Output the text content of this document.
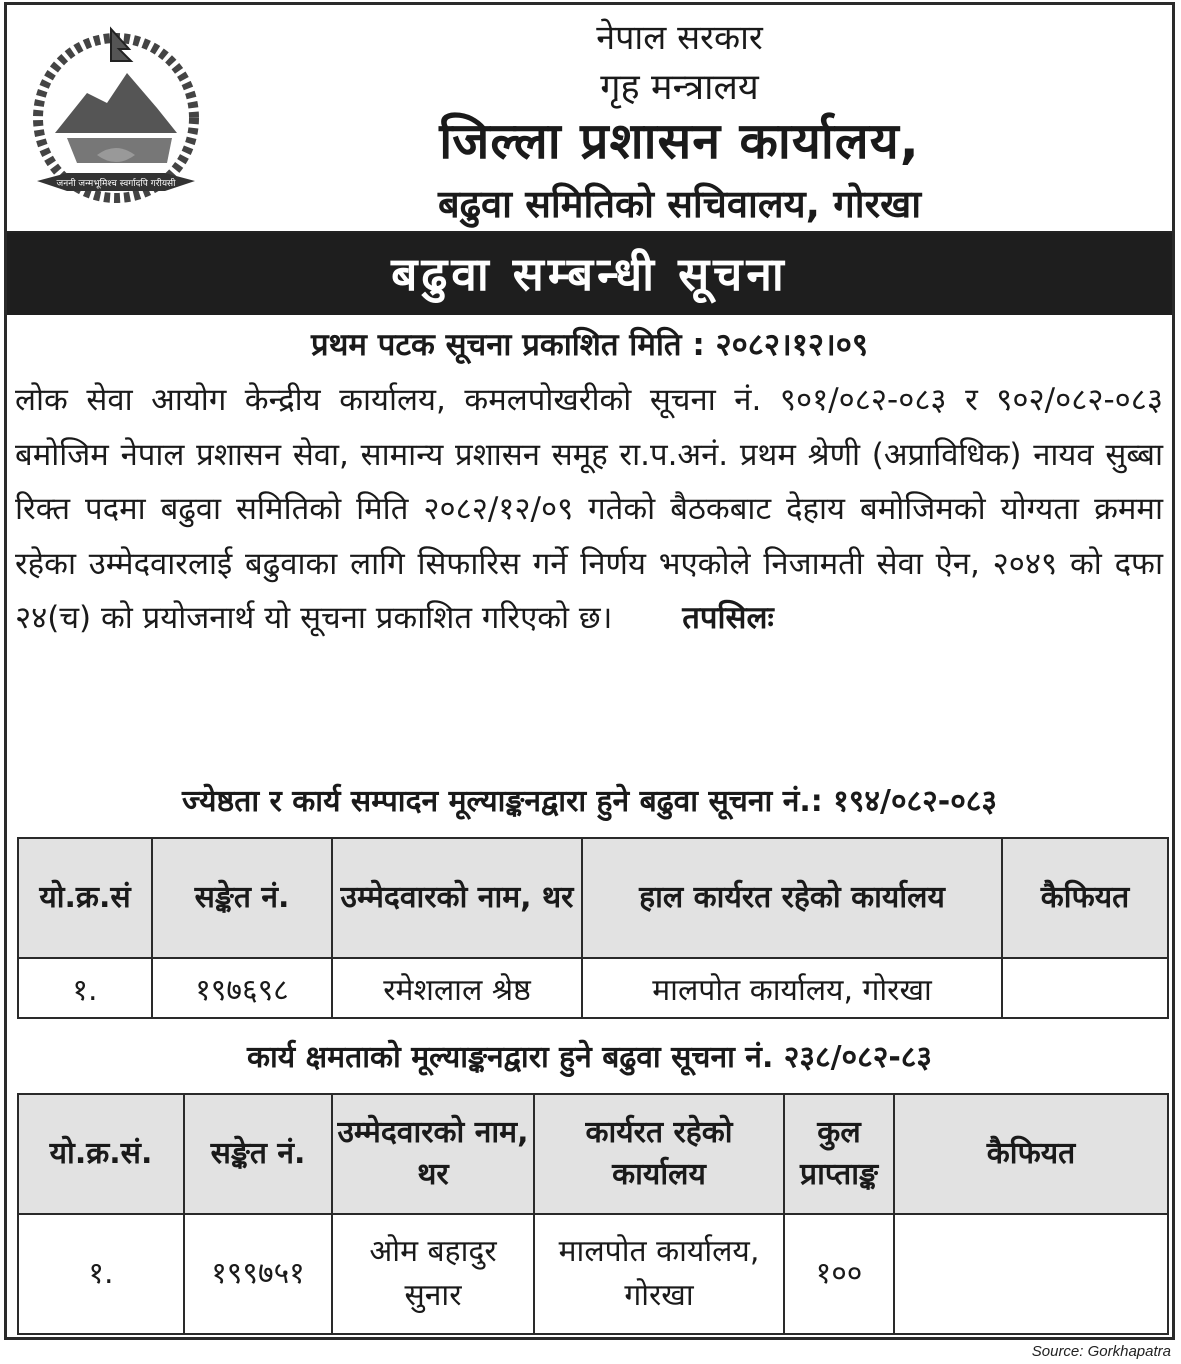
जननी जन्मभूमिश्च स्वर्गादपि गरीयसी
नेपाल सरकार
गृह मन्त्रालय
जिल्ला प्रशासन कार्यालय,
बढुवा समितिको सचिवालय, गोरखा
बढुवा सम्बन्धी सूचना
प्रथम पटक सूचना प्रकाशित मिति : २०८२।१२।०९
लोक सेवा आयोग केन्द्रीय कार्यालय, कमलपोखरीको सूचना नं. ९०१/०८२-०८३ र ९०२/०८२-०८३ बमोजिम नेपाल प्रशासन सेवा, सामान्य प्रशासन समूह रा.प.अनं. प्रथम श्रेणी (अप्राविधिक) नायव सुब्बा रिक्त पदमा बढुवा समितिको मिति २०८२/१२/०९ गतेको बैठकबाट देहाय बमोजिमको योग्यता क्रममा रहेका उम्मेदवारलाई बढुवाका लागि सिफारिस गर्ने निर्णय भएकोले निजामती सेवा ऐन, २०४९ को दफा २४(च) को प्रयोजनार्थ यो सूचना प्रकाशित गरिएको छ। तपसिलः
ज्येष्ठता र कार्य सम्पादन मूल्याङ्कनद्वारा हुने बढुवा सूचना नं.: १९४/०८२-०८३
यो.क्र.सं	सङ्केत नं.	उम्मेदवारको नाम, थर	हाल कार्यरत रहेको कार्यालय	कैफियत
१.	१९७६९८	रमेशलाल श्रेष्ठ	मालपोत कार्यालय, गोरखा	
कार्य क्षमताको मूल्याङ्कनद्वारा हुने बढुवा सूचना नं. २३८/०८२-८३
यो.क्र.सं.	सङ्केत नं.	उम्मेदवारको नाम, थर	कार्यरत रहेको कार्यालय	कुल प्राप्ताङ्क	कैफियत
१.	१९९७५१	ओम बहादुर सुनार	मालपोत कार्यालय, गोरखा	१००	
Source: Gorkhapatra
